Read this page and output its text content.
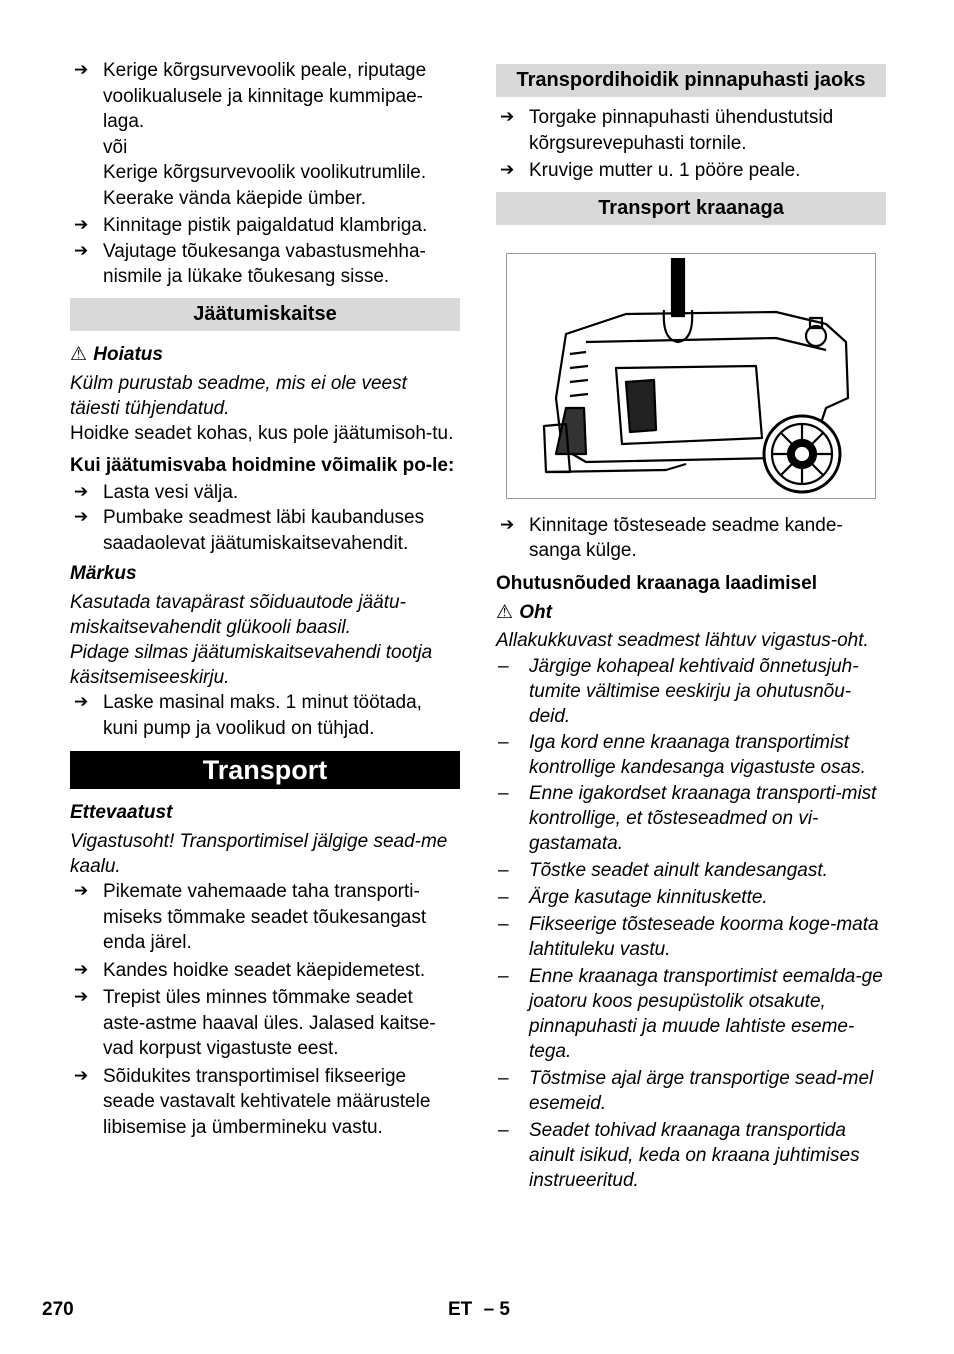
➔ Kerige kõrgsurvevoolik peale, riputage voolikualusele ja kinnitage kummipae-laga.

või

Kerige kõrgsurvevoolik voolikutrumlile. Keerake vända käepide ümber.

➔ Kinnitage pistik paigaldatud klambriga.

➔ Vajutage tõukesanga vabastusmehha-nismile ja lükake tõukesang sisse.

Jäätumiskaitse

⚠ Hoiatus

Külm purustab seadme, mis ei ole veest täiesti tühjendatud.

Hoidke seadet kohas, kus pole jäätumisoh-tu.

Kui jäätumisvaba hoidmine võimalik po-le:

➔ Lasta vesi välja.

➔ Pumbake seadmest läbi kaubanduses saadaolevat jäätumiskaitsevahendit.

Märkus

Kasutada tavapärast sõiduautode jäätu-miskaitsevahendit glükooli baasil.

Pidage silmas jäätumiskaitsevahendi tootja käsitsemiseeskirju.

➔ Laske masinal maks. 1 minut töötada, kuni pump ja voolikud on tühjad.

Transport

Ettevaatust

Vigastusoht! Transportimisel jälgige sead-me kaalu.

➔ Pikemate vahemaade taha transporti-miseks tõmmake seadet tõukesangast enda järel.

➔ Kandes hoidke seadet käepidemetest.

➔ Trepist üles minnes tõmmake seadet aste-astme haaval üles. Jalased kaitse-vad korpust vigastuste eest.

➔ Sõidukites transportimisel fikseerige seade vastavalt kehtivatele määrustele libisemise ja ümbermineku vastu.

Transpordihoidik pinnapuhasti jaoks

➔ Torgake pinnapuhasti ühendustutsid kõrgsurevepuhasti tornile.

➔ Kruvige mutter u. 1 pööre peale.

Transport kraanaga

➔ Kinnitage tõsteseade seadme kande-sanga külge.

Ohutusnõuded kraanaga laadimisel

⚠ Oht

Allakukkuvast seadmest lähtuv vigastus-oht.

– Järgige kohapeal kehtivaid õnnetusjuh-tumite vältimise eeskirju ja ohutusnõu-deid.

– Iga kord enne kraanaga transportimist kontrollige kandesanga vigastuste osas.

– Enne igakordset kraanaga transporti-mist kontrollige, et tõsteseadmed on vi-gastamata.

– Tõstke seadet ainult kandesangast.

– Ärge kasutage kinnituskette.

– Fikseerige tõsteseade koorma koge-mata lahtituleku vastu.

– Enne kraanaga transportimist eemalda-ge joatoru koos pesupüstolik otsakute, pinnapuhasti ja muude lahtiste eseme-tega.

– Tõstmise ajal ärge transportige sead-mel esemeid.

– Seadet tohivad kraanaga transportida ainult isikud, keda on kraana juhtimises instrueeritud.

270	ET – 5
